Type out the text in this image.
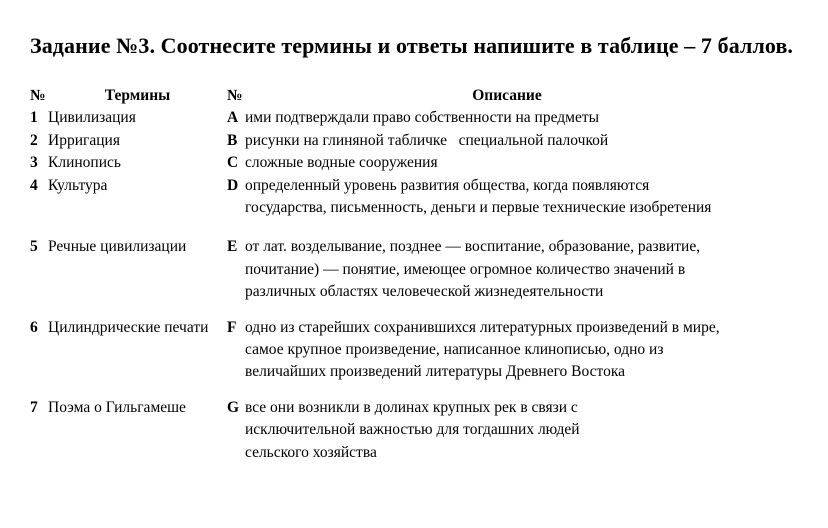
Задание №3. Соотнесите термины и ответы напишите в таблице – 7 баллов.
№	Термины	№	Описание
1 Цивилизация	A ими подтверждали право собственности на предметы
2 Ирригация	B рисунки на глиняной табличке   специальной палочкой
3 Клинопись	C сложные водные сооружения
4 Культура	D определенный уровень развития общества, когда появляются
государства, письменность, деньги и первые технические изобретения
5 Речные цивилизации	E от лат. возделывание, позднее — воспитание, образование, развитие,
почитание) — понятие, имеющее огромное количество значений в
различных областях человеческой жизнедеятельности
6 Цилиндрические печати	F одно из старейших сохранившихся литературных произведений в мире,
самое крупное произведение, написанное клинописью, одно из
величайших произведений литературы Древнего Востока
7 Поэма о Гильгамеше	G все они возникли в долинах крупных рек в связи с
исключительной важностью для тогдашних людей
сельского хозяйства
